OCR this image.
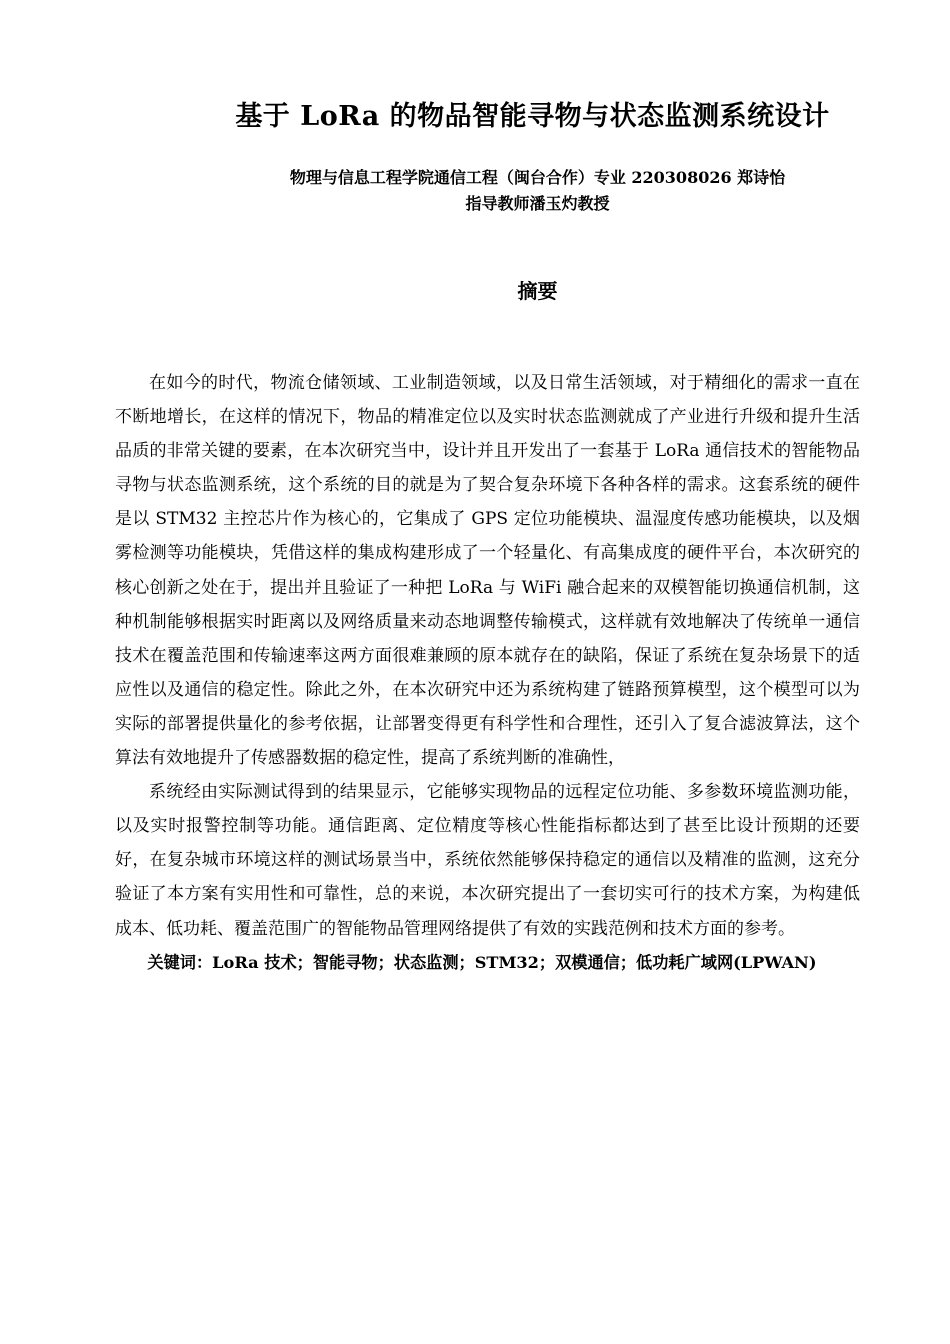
基于 LoRa 的物品智能寻物与状态监测系统设计
物理与信息工程学院通信工程（闽台合作）专业 220308026 郑诗怡
指导教师潘玉灼教授
摘要

在如今的时代，物流仓储领域、工业制造领域，以及日常生活领域，对于精细化的需求一直在不断地增长，在这样的情况下，物品的精准定位以及实时状态监测就成了产业进行升级和提升生活品质的非常关键的要素，在本次研究当中，设计并且开发出了一套基于 LoRa 通信技术的智能物品寻物与状态监测系统，这个系统的目的就是为了契合复杂环境下各种各样的需求。这套系统的硬件是以 STM32 主控芯片作为核心的，它集成了 GPS 定位功能模块、温湿度传感功能模块，以及烟雾检测等功能模块，凭借这样的集成构建形成了一个轻量化、有高集成度的硬件平台，本次研究的核心创新之处在于，提出并且验证了一种把 LoRa 与 WiFi 融合起来的双模智能切换通信机制，这种机制能够根据实时距离以及网络质量来动态地调整传输模式，这样就有效地解决了传统单一通信技术在覆盖范围和传输速率这两方面很难兼顾的原本就存在的缺陷，保证了系统在复杂场景下的适应性以及通信的稳定性。除此之外，在本次研究中还为系统构建了链路预算模型，这个模型可以为实际的部署提供量化的参考依据，让部署变得更有科学性和合理性，还引入了复合滤波算法，这个算法有效地提升了传感器数据的稳定性，提高了系统判断的准确性，

系统经由实际测试得到的结果显示，它能够实现物品的远程定位功能、多参数环境监测功能，以及实时报警控制等功能。通信距离、定位精度等核心性能指标都达到了甚至比设计预期的还要好，在复杂城市环境这样的测试场景当中，系统依然能够保持稳定的通信以及精准的监测，这充分验证了本方案有实用性和可靠性，总的来说，本次研究提出了一套切实可行的技术方案，为构建低成本、低功耗、覆盖范围广的智能物品管理网络提供了有效的实践范例和技术方面的参考。

关键词：LoRa 技术；智能寻物；状态监测；STM32；双模通信；低功耗广域网(LPWAN)
